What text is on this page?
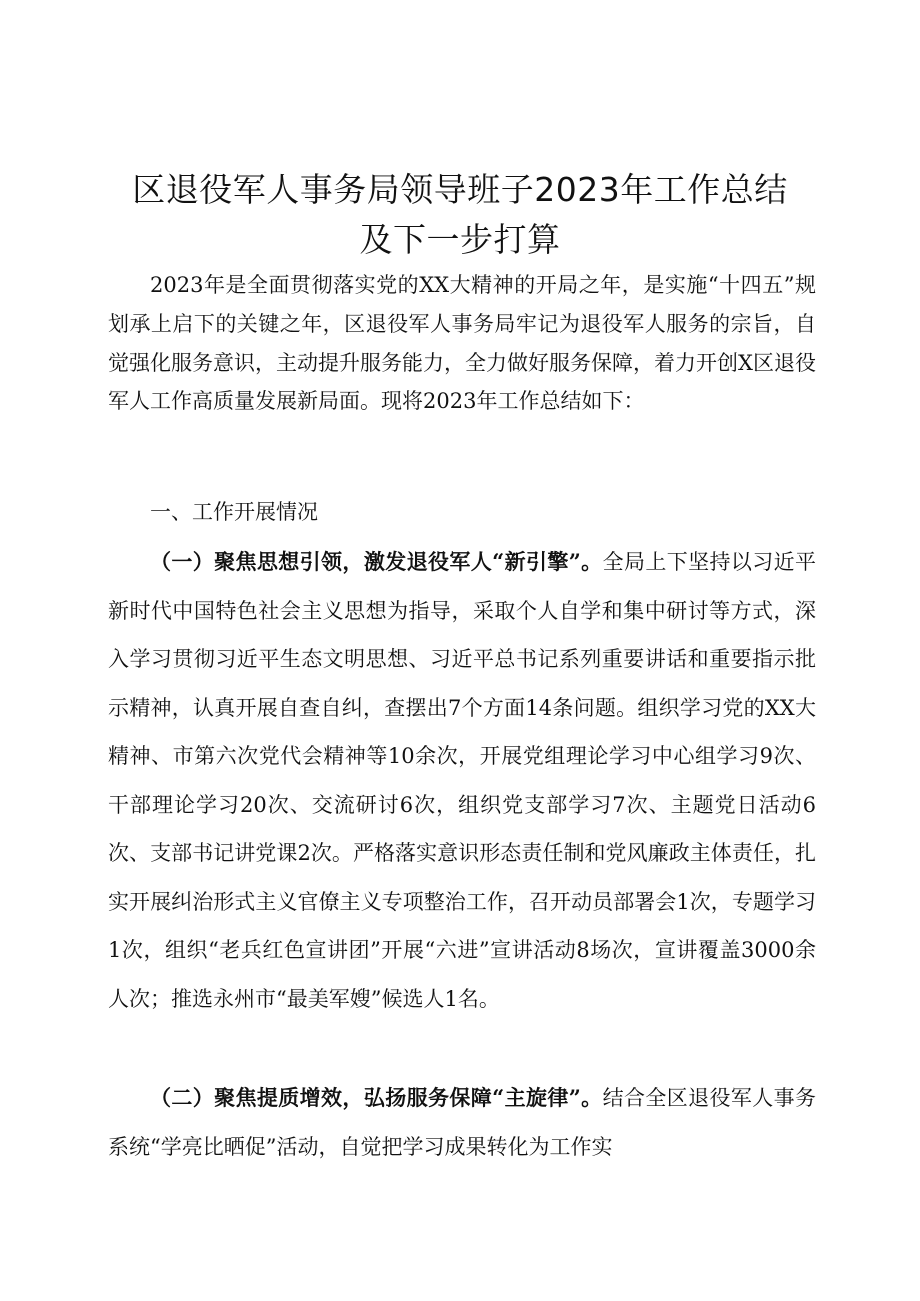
区退役军人事务局领导班子2023年工作总结
及下一步打算
2023年是全面贯彻落实党的XX大精神的开局之年，是实施“十四五”规划承上启下的关键之年，区退役军人事务局牢记为退役军人服务的宗旨，自觉强化服务意识，主动提升服务能力，全力做好服务保障，着力开创X区退役军人工作高质量发展新局面。现将2023年工作总结如下：
一、工作开展情况
（一）聚焦思想引领，激发退役军人“新引擎”。全局上下坚持以习近平新时代中国特色社会主义思想为指导，采取个人自学和集中研讨等方式，深入学习贯彻习近平生态文明思想、习近平总书记系列重要讲话和重要指示批示精神，认真开展自查自纠，查摆出7个方面14条问题。组织学习党的XX大精神、市第六次党代会精神等10余次，开展党组理论学习中心组学习9次、干部理论学习20次、交流研讨6次，组织党支部学习7次、主题党日活动6次、支部书记讲党课2次。严格落实意识形态责任制和党风廉政主体责任，扎实开展纠治形式主义官僚主义专项整治工作，召开动员部署会1次，专题学习1次，组织“老兵红色宣讲团”开展“六进”宣讲活动8场次，宣讲覆盖3000余人次；推选永州市“最美军嫂”候选人1名。
（二）聚焦提质增效，弘扬服务保障“主旋律”。结合全区退役军人事务系统“学亮比晒促”活动，自觉把学习成果转化为工作实
